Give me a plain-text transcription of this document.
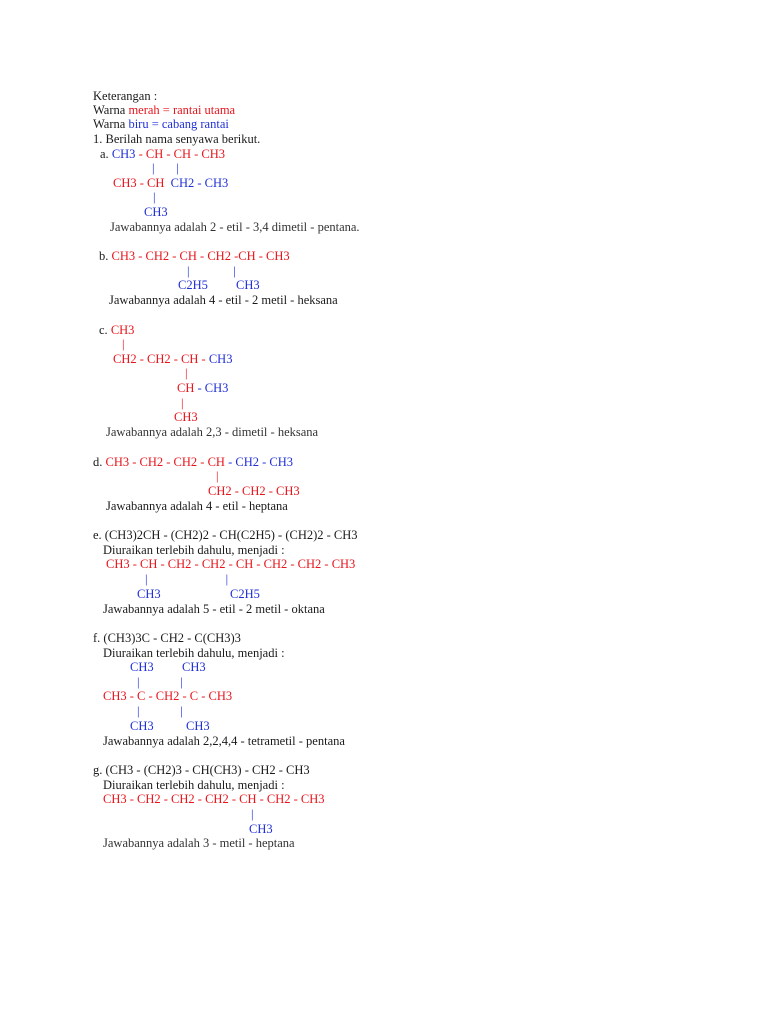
Keterangan :
Warna merah = rantai utama
Warna biru = cabang rantai
1. Berilah nama senyawa berikut.
a. CH3 - CH - CH - CH3
|       |
CH3 - CH CH2 - CH3
|
CH3
Jawabannya adalah 2 - etil - 3,4 dimetil - pentana.
b. CH3 - CH2 - CH - CH2 -CH - CH3
|              |
C2H5 CH3
Jawabannya adalah 4 - etil - 2 metil - heksana
c. CH3
|
CH2 - CH2 - CH - CH3
|
CH - CH3
|
CH3
Jawabannya adalah 2,3 - dimetil - heksana
d. CH3 - CH2 - CH2 - CH - CH2 - CH3
|
CH2 - CH2 - CH3
Jawabannya adalah 4 - etil - heptana
e. (CH3)2CH - (CH2)2 - CH(C2H5) - (CH2)2 - CH3
Diuraikan terlebih dahulu, menjadi :
CH3 - CH - CH2 - CH2 - CH - CH2 - CH2 - CH3
|                         |
CH3	C2H5
Jawabannya adalah 5 - etil - 2 metil - oktana
f. (CH3)3C - CH2 - C(CH3)3
Diuraikan terlebih dahulu, menjadi :
CH3 CH3
|             |
CH3 - C - CH2 - C - CH3
|             |
CH3	CH3
Jawabannya adalah 2,2,4,4 - tetrametil - pentana
g. (CH3 - (CH2)3 - CH(CH3) - CH2 - CH3
Diuraikan terlebih dahulu, menjadi :
CH3 - CH2 - CH2 - CH2 - CH - CH2 - CH3
|
CH3
Jawabannya adalah 3 - metil - heptana
